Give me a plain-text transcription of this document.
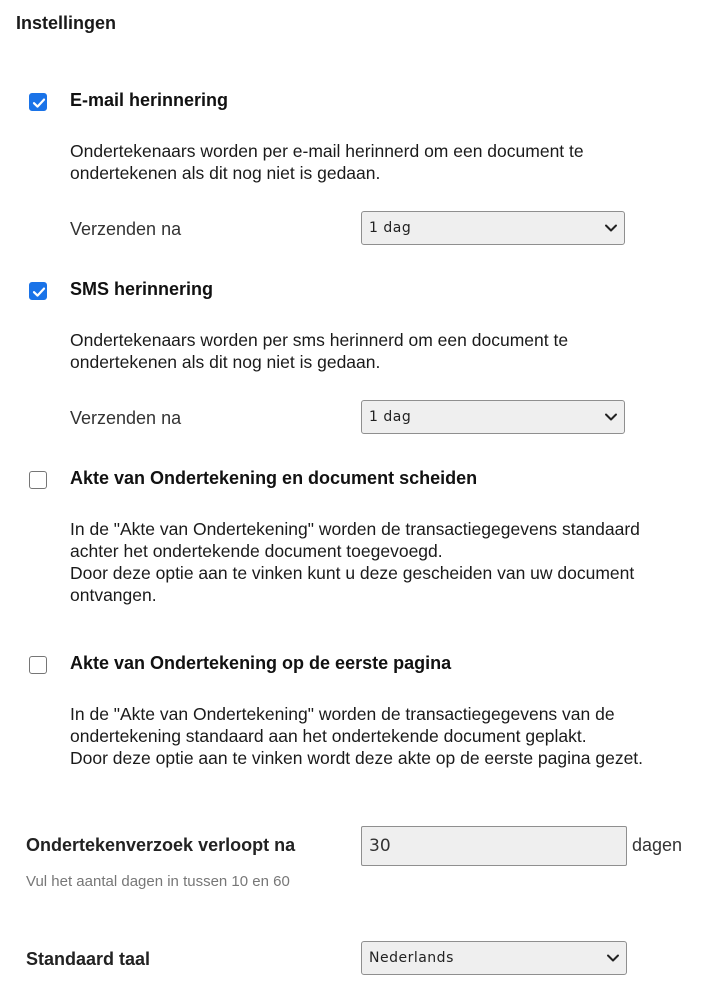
Instellingen
E-mail herinnering
Ondertekenaars worden per e-mail herinnerd om een document te
ondertekenen als dit nog niet is gedaan.
Verzenden na	1 dag
SMS herinnering
Ondertekenaars worden per sms herinnerd om een document te
ondertekenen als dit nog niet is gedaan.
Verzenden na	1 dag
Akte van Ondertekening en document scheiden
In de "Akte van Ondertekening" worden de transactiegegevens standaard
achter het ondertekende document toegevoegd.
Door deze optie aan te vinken kunt u deze gescheiden van uw document
ontvangen.
Akte van Ondertekening op de eerste pagina
In de "Akte van Ondertekening" worden de transactiegegevens van de
ondertekening standaard aan het ondertekende document geplakt.
Door deze optie aan te vinken wordt deze akte op de eerste pagina gezet.
Ondertekenverzoek verloopt na	30	dagen
Vul het aantal dagen in tussen 10 en 60
Standaard taal	Nederlands
